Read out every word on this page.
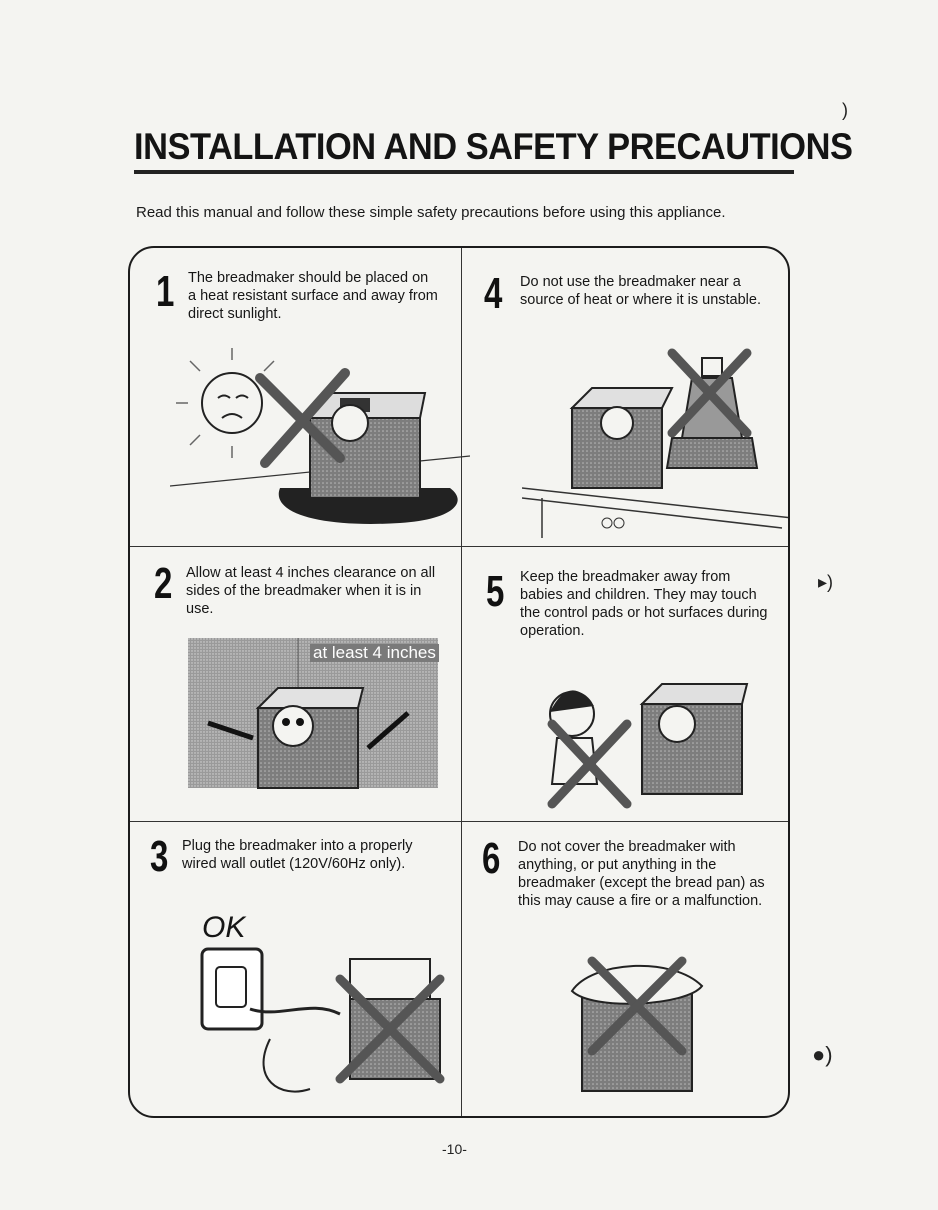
INSTALLATION AND SAFETY PRECAUTIONS
Read this manual and follow these simple safety precautions before using this appliance.
1 The breadmaker should be placed on a heat resistant surface and away from direct sunlight.
2 Allow at least 4 inches clearance on all sides of the breadmaker when it is in use.
at least 4 inches
3 Plug the breadmaker into a properly wired wall outlet (120V/60Hz only).
OK
4 Do not use the breadmaker near a source of heat or where it is unstable.
5 Keep the breadmaker away from babies and children. They may touch the control pads or hot surfaces during operation.
6 Do not cover the breadmaker with anything, or put anything in the breadmaker (except the bread pan) as this may cause a fire or a malfunction.
)
▸)
●)
-10-
